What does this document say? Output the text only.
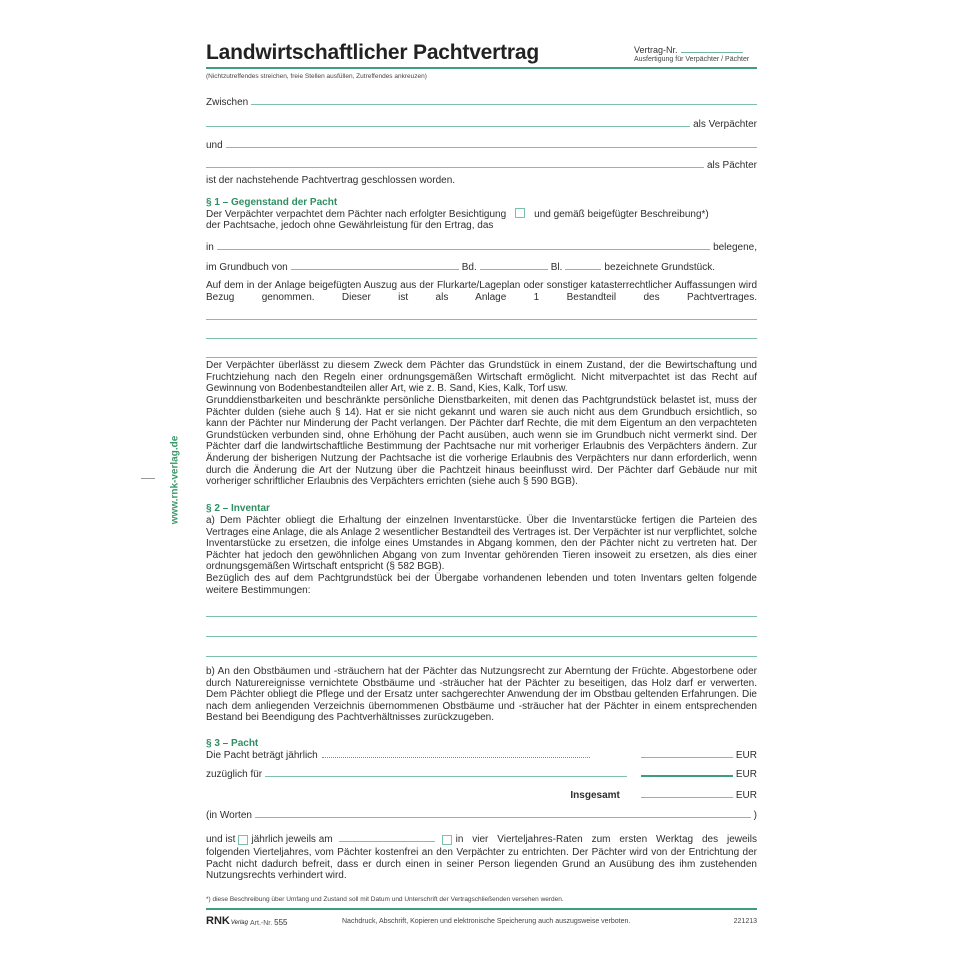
www.rnk-verlag.de
Landwirtschaftlicher Pachtvertrag	Vertrag-Nr.
Ausfertigung für Verpächter / Pächter
(Nichtzutreffendes streichen, freie Stellen ausfüllen, Zutreffendes ankreuzen)
Zwischen
als Verpächter
und
als Pächter
ist der nachstehende Pachtvertrag geschlossen worden.
§ 1 – Gegenstand der Pacht
Der Verpächter verpachtet dem Pächter nach erfolgter Besichtigung	und gemäß beigefügter Beschreibung*)
der Pachtsache, jedoch ohne Gewährleistung für den Ertrag, das
in	belegene,
im Grundbuch von	Bd.	Bl.	bezeichnete Grundstück.
Auf dem in der Anlage beigefügten Auszug aus der Flurkarte/Lageplan oder sonstiger katasterrechtlicher Auffassungen wird Bezug genommen. Dieser ist als Anlage 1 Bestandteil des Pachtvertrages.
Der Verpächter überlässt zu diesem Zweck dem Pächter das Grundstück in einem Zustand, der die Bewirtschaftung und Fruchtziehung nach den Regeln einer ordnungsgemäßen Wirtschaft ermöglicht. Nicht mitverpachtet ist das Recht auf Gewinnung von Bodenbestandteilen aller Art, wie z. B. Sand, Kies, Kalk, Torf usw.
Grunddienstbarkeiten und beschränkte persönliche Dienstbarkeiten, mit denen das Pachtgrundstück belastet ist, muss der Pächter dulden (siehe auch § 14). Hat er sie nicht gekannt und waren sie auch nicht aus dem Grundbuch ersichtlich, so kann der Pächter nur Minderung der Pacht verlangen. Der Pächter darf Rechte, die mit dem Eigentum an den verpachteten Grundstücken verbunden sind, ohne Erhöhung der Pacht ausüben, auch wenn sie im Grundbuch nicht vermerkt sind. Der Pächter darf die landwirtschaftliche Bestimmung der Pachtsache nur mit vorheriger Erlaubnis des Verpächters ändern. Zur Änderung der bisherigen Nutzung der Pachtsache ist die vorherige Erlaubnis des Verpächters nur dann erforderlich, wenn durch die Änderung die Art der Nutzung über die Pachtzeit hinaus beeinflusst wird. Der Pächter darf Gebäude nur mit vorheriger schriftlicher Erlaubnis des Verpächters errichten (siehe auch § 590 BGB).
§ 2 – Inventar
a) Dem Pächter obliegt die Erhaltung der einzelnen Inventarstücke. Über die Inventarstücke fertigen die Parteien des Vertrages eine Anlage, die als Anlage 2 wesentlicher Bestandteil des Vertrages ist. Der Verpächter ist nur verpflichtet, solche Inventarstücke zu ersetzen, die infolge eines Umstandes in Abgang kommen, den der Pächter nicht zu vertreten hat. Der Pächter hat jedoch den gewöhnlichen Abgang von zum Inventar gehörenden Tieren insoweit zu ersetzen, als dies einer ordnungsgemäßen Wirtschaft entspricht (§ 582 BGB).
Bezüglich des auf dem Pachtgrundstück bei der Übergabe vorhandenen lebenden und toten Inventars gelten folgende weitere Bestimmungen:
b) An den Obstbäumen und -sträuchern hat der Pächter das Nutzungsrecht zur Aberntung der Früchte. Abgestorbene oder durch Naturereignisse vernichtete Obstbäume und -sträucher hat der Pächter zu beseitigen, das Holz darf er verwerten. Dem Pächter obliegt die Pflege und der Ersatz unter sachgerechter Anwendung der im Obstbau geltenden Erfahrungen. Die nach dem anliegenden Verzeichnis übernommenen Obstbäume und -sträucher hat der Pächter in einem entsprechenden Bestand bei Beendigung des Pachtverhältnisses zurückzugeben.
§ 3 – Pacht
Die Pacht beträgt jährlich	EUR
zuzüglich für	EUR
Insgesamt	EUR
(in Worten	)
und ist jährlich jeweils am	in vier Vierteljahres-Raten zum ersten Werktag des jeweils
folgenden Vierteljahres, vom Pächter kostenfrei an den Verpächter zu entrichten. Der Pächter wird von der Entrichtung der Pacht nicht dadurch befreit, dass er durch einen in seiner Person liegenden Grund an Ausübung des ihm zustehenden Nutzungsrechts verhindert wird.
*) diese Beschreibung über Umfang und Zustand soll mit Datum und Unterschrift der Vertragschließenden versehen werden.
RNKVerlag Art.-Nr. 555	Nachdruck, Abschrift, Kopieren und elektronische Speicherung auch auszugsweise verboten.	221213
